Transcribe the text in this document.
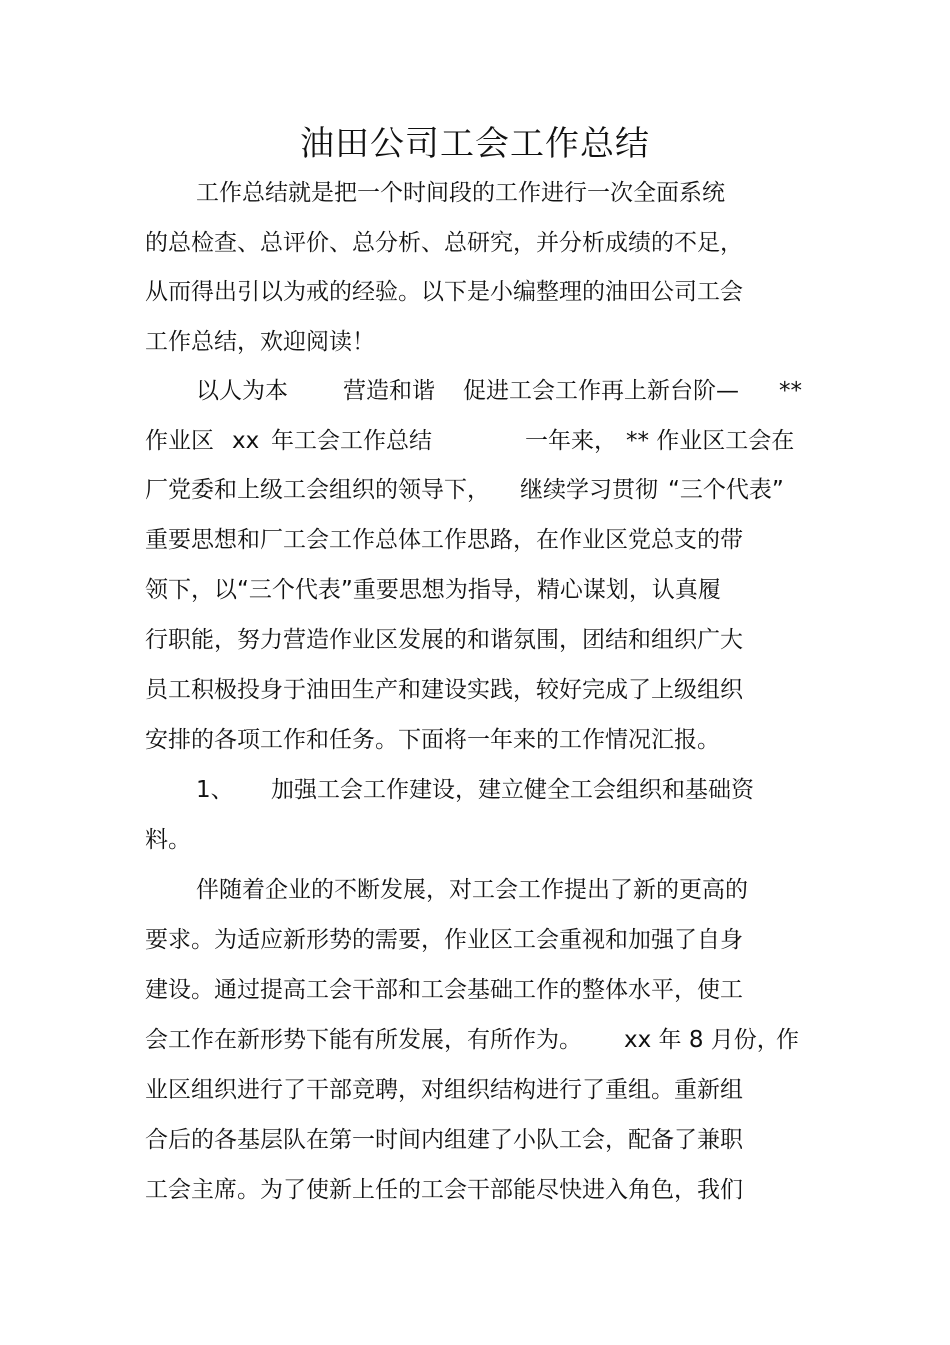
油田公司工会工作总结
工作总结就是把一个时间段的工作进行一次全面系统
的总检查、总评价、总分析、总研究，并分析成绩的不足，
从而得出引以为戒的经验。以下是小编整理的油田公司工会
工作总结，欢迎阅读！
以人为本 营造和谐 促进工会工作再上新台阶— **
作业区 xx 年工会工作总结	一年来， ** 作业区工会在
厂党委和上级工会组织的领导下， 继续学习贯彻 “三个代表”
重要思想和厂工会工作总体工作思路，在作业区党总支的带
领下，以“三个代表”重要思想为指导，精心谋划，认真履
行职能，努力营造作业区发展的和谐氛围，团结和组织广大
员工积极投身于油田生产和建设实践，较好完成了上级组织
安排的各项工作和任务。下面将一年来的工作情况汇报。
1、 加强工会工作建设，建立健全工会组织和基础资
料。
伴随着企业的不断发展，对工会工作提出了新的更高的
要求。为适应新形势的需要，作业区工会重视和加强了自身
建设。通过提高工会干部和工会基础工作的整体水平，使工
会工作在新形势下能有所发展，有所作为。 xx 年 8 月份，
作
业区组织进行了干部竞聘，对组织结构进行了重组。重新组
合后的各基层队在第一时间内组建了小队工会，配备了兼职
工会主席。为了使新上任的工会干部能尽快进入角色，我们
